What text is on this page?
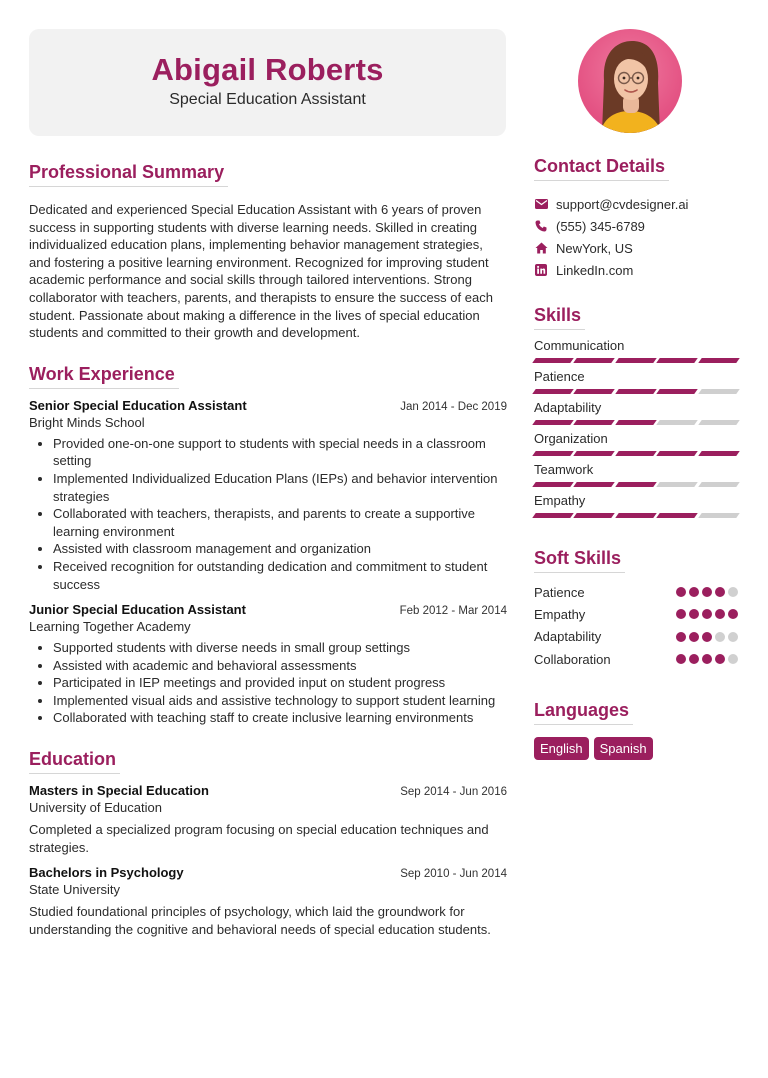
Abigail Roberts
Special Education Assistant
Professional Summary

Dedicated and experienced Special Education Assistant with 6 years of proven success in supporting students with diverse learning needs. Skilled in creating individualized education plans, implementing behavior management strategies, and fostering a positive learning environment. Recognized for improving student academic performance and social skills through tailored interventions. Strong collaborator with teachers, parents, and therapists to ensure the success of each student. Passionate about making a difference in the lives of special education students and committed to their growth and development.

Work Experience
Senior Special Education Assistant	Jan 2014 - Dec 2019
Bright Minds School
• Provided one-on-one support to students with special needs in a classroom setting
• Implemented Individualized Education Plans (IEPs) and behavior intervention strategies
• Collaborated with teachers, therapists, and parents to create a supportive learning environment
• Assisted with classroom management and organization
• Received recognition for outstanding dedication and commitment to student success
Junior Special Education Assistant	Feb 2012 - Mar 2014
Learning Together Academy
• Supported students with diverse needs in small group settings
• Assisted with academic and behavioral assessments
• Participated in IEP meetings and provided input on student progress
• Implemented visual aids and assistive technology to support student learning
• Collaborated with teaching staff to create inclusive learning environments
Education
Masters in Special Education	Sep 2014 - Jun 2016
University of Education

Completed a specialized program focusing on special education techniques and strategies.

Bachelors in Psychology	Sep 2010 - Jun 2014
State University

Studied foundational principles of psychology, which laid the groundwork for understanding the cognitive and behavioral needs of special education students.

Contact Details
support@cvdesigner.ai
(555) 345-6789
NewYork, US
LinkedIn.com
Skills
Communication
Patience
Adaptability
Organization
Teamwork
Empathy
Soft Skills
Patience
Empathy
Adaptability
Collaboration
Languages
English	Spanish
